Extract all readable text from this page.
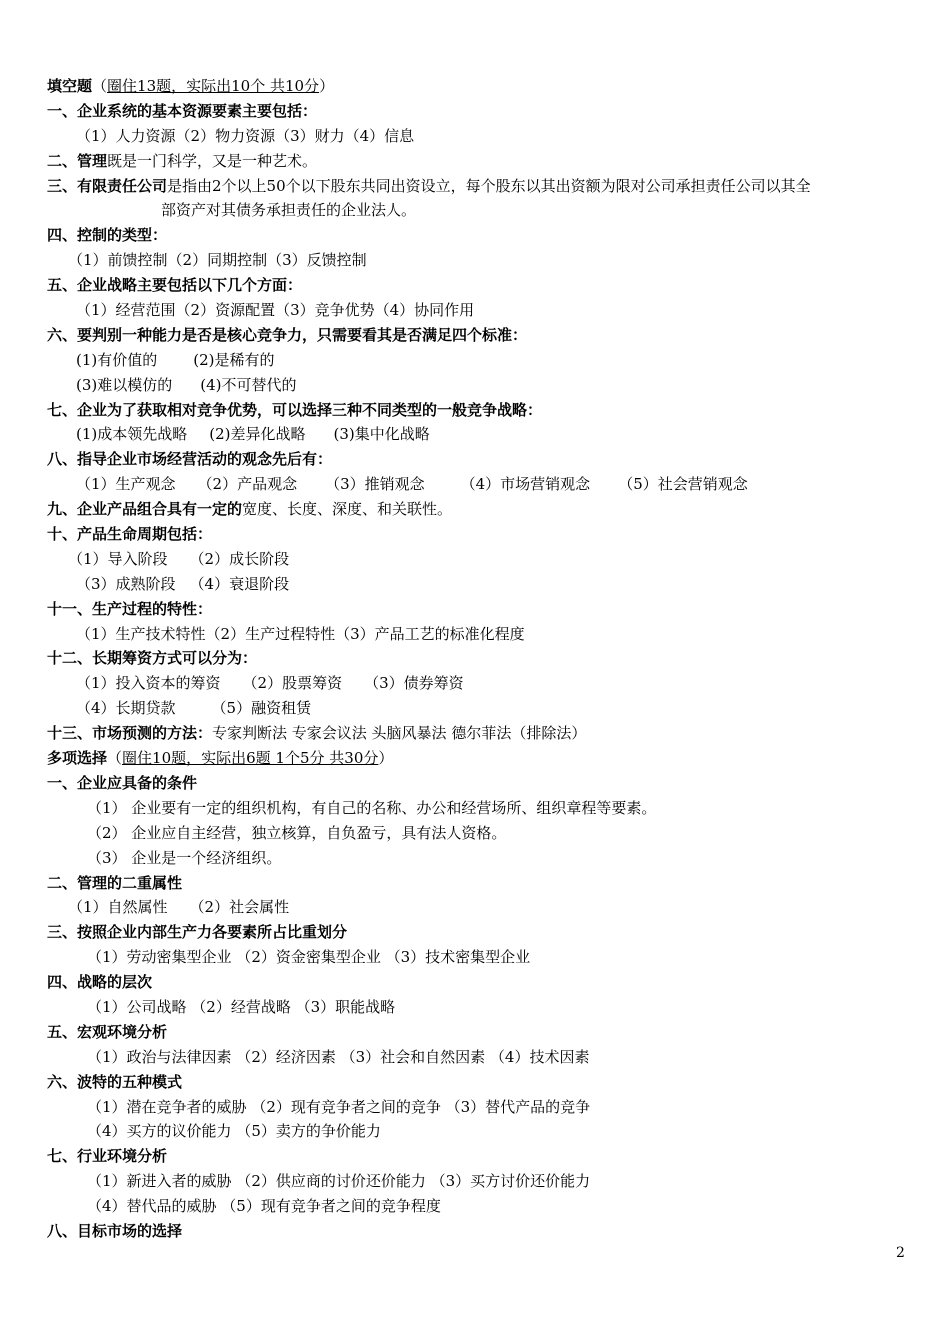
填空题（圈住13题，实际出10个 共10分）
一、企业系统的基本资源要素主要包括：
（1）人力资源（2）物力资源（3）财力（4）信息
二、管理既是一门科学，又是一种艺术。
三、有限责任公司是指由2个以上50个以下股东共同出资设立，每个股东以其出资额为限对公司承担责任公司以其全
部资产对其债务承担责任的企业法人。
四、控制的类型：
（1）前馈控制（2）同期控制（3）反馈控制
五、企业战略主要包括以下几个方面：
（1）经营范围（2）资源配置（3）竞争优势（4）协同作用
六、要判别一种能力是否是核心竞争力，只需要看其是否满足四个标准：
(1)有价值的 (2)是稀有的
(3)难以模仿的 (4)不可替代的
七、企业为了获取相对竞争优势，可以选择三种不同类型的一般竞争战略：
(1)成本领先战略 (2)差异化战略 (3)集中化战略
八、指导企业市场经营活动的观念先后有：
（1）生产观念 （2）产品观念 （3）推销观念 （4）市场营销观念 （5）社会营销观念
九、企业产品组合具有一定的宽度、长度、深度、和关联性。
十、产品生命周期包括：
（1）导入阶段 （2）成长阶段
（3）成熟阶段 （4）衰退阶段
十一、生产过程的特性：
（1）生产技术特性（2）生产过程特性（3）产品工艺的标准化程度
十二、长期筹资方式可以分为：
（1）投入资本的筹资 （2）股票筹资 （3）债券筹资
（4）长期贷款 （5）融资租赁
十三、市场预测的方法：专家判断法 专家会议法 头脑风暴法 德尔菲法（排除法）
多项选择（圈住10题，实际出6题 1个5分 共30分）
一、企业应具备的条件
（1） 企业要有一定的组织机构，有自己的名称、办公和经营场所、组织章程等要素。
（2） 企业应自主经营，独立核算，自负盈亏，具有法人资格。
（3） 企业是一个经济组织。
二、管理的二重属性
（1）自然属性 （2）社会属性
三、按照企业内部生产力各要素所占比重划分
（1）劳动密集型企业 （2）资金密集型企业 （3）技术密集型企业
四、战略的层次
（1）公司战略 （2）经营战略 （3）职能战略
五、宏观环境分析
（1）政治与法律因素 （2）经济因素 （3）社会和自然因素 （4）技术因素
六、波特的五种模式
（1）潜在竞争者的威胁 （2）现有竞争者之间的竞争 （3）替代产品的竞争
（4）买方的议价能力 （5）卖方的争价能力
七、行业环境分析
（1）新进入者的威胁 （2）供应商的讨价还价能力 （3）买方讨价还价能力
（4）替代品的威胁 （5）现有竞争者之间的竞争程度
八、目标市场的选择
2
